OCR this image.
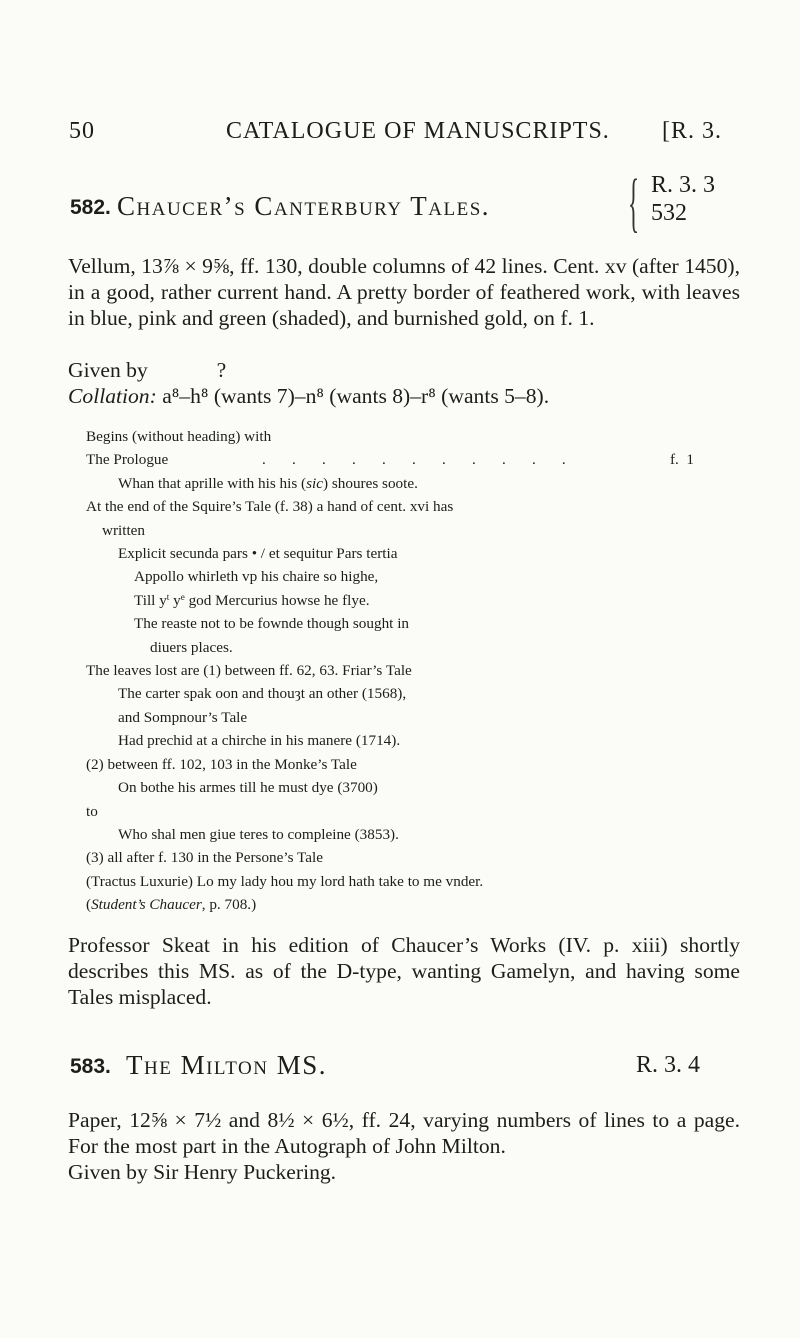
50	CATALOGUE OF MANUSCRIPTS. [R. 3.
582. Chaucer’s Canterbury Tales. { R. 3. 3
532

Vellum, 13⅞ × 9⅝, ff. 130, double columns of 42 lines. Cent. xv (after 1450), in a good, rather current hand. A pretty border of feathered work, with leaves in blue, pink and green (shaded), and burnished gold, on f. 1.

Given by	?
Collation: a⁸–h⁸ (wants 7)–n⁸ (wants 8)–r⁸ (wants 5–8).
Begins (without heading) with
The Prologue	. . . . . . . . . . .	f.  1
Whan that aprille with his his (sic) shoures soote.
At the end of the Squire’s Tale (f. 38) a hand of cent. xvi has
written
Explicit secunda pars • / et sequitur Pars tertia
Appollo whirleth vp his chaire so highe,
Till $y^t$ $y^e$ god Mercurius howse he flye.
The reaste not to be fownde though sought in
diuers places.
The leaves lost are (1) between ff. 62, 63. Friar’s Tale
The carter spak oon and thouȝt an other (1568),
and Sompnour’s Tale
Had prechid at a chirche in his manere (1714).
(2) between ff. 102, 103 in the Monke’s Tale
On bothe his armes till he must dye (3700)
to
Who shal men giue teres to compleine (3853).
(3) all after f. 130 in the Persone’s Tale
(Tractus Luxurie) Lo my lady hou my lord hath take to me vnder.
(Student’s Chaucer, p. 708.)

Professor Skeat in his edition of Chaucer’s Works (IV. p. xiii) shortly describes this MS. as of the D-type, wanting Gamelyn, and having some Tales misplaced.

583. The Milton MS.	R. 3. 4

Paper, 12⅝ × 7½ and 8½ × 6½, ff. 24, varying numbers of lines to a page. For the most part in the Autograph of John Milton.

Given by Sir Henry Puckering.
